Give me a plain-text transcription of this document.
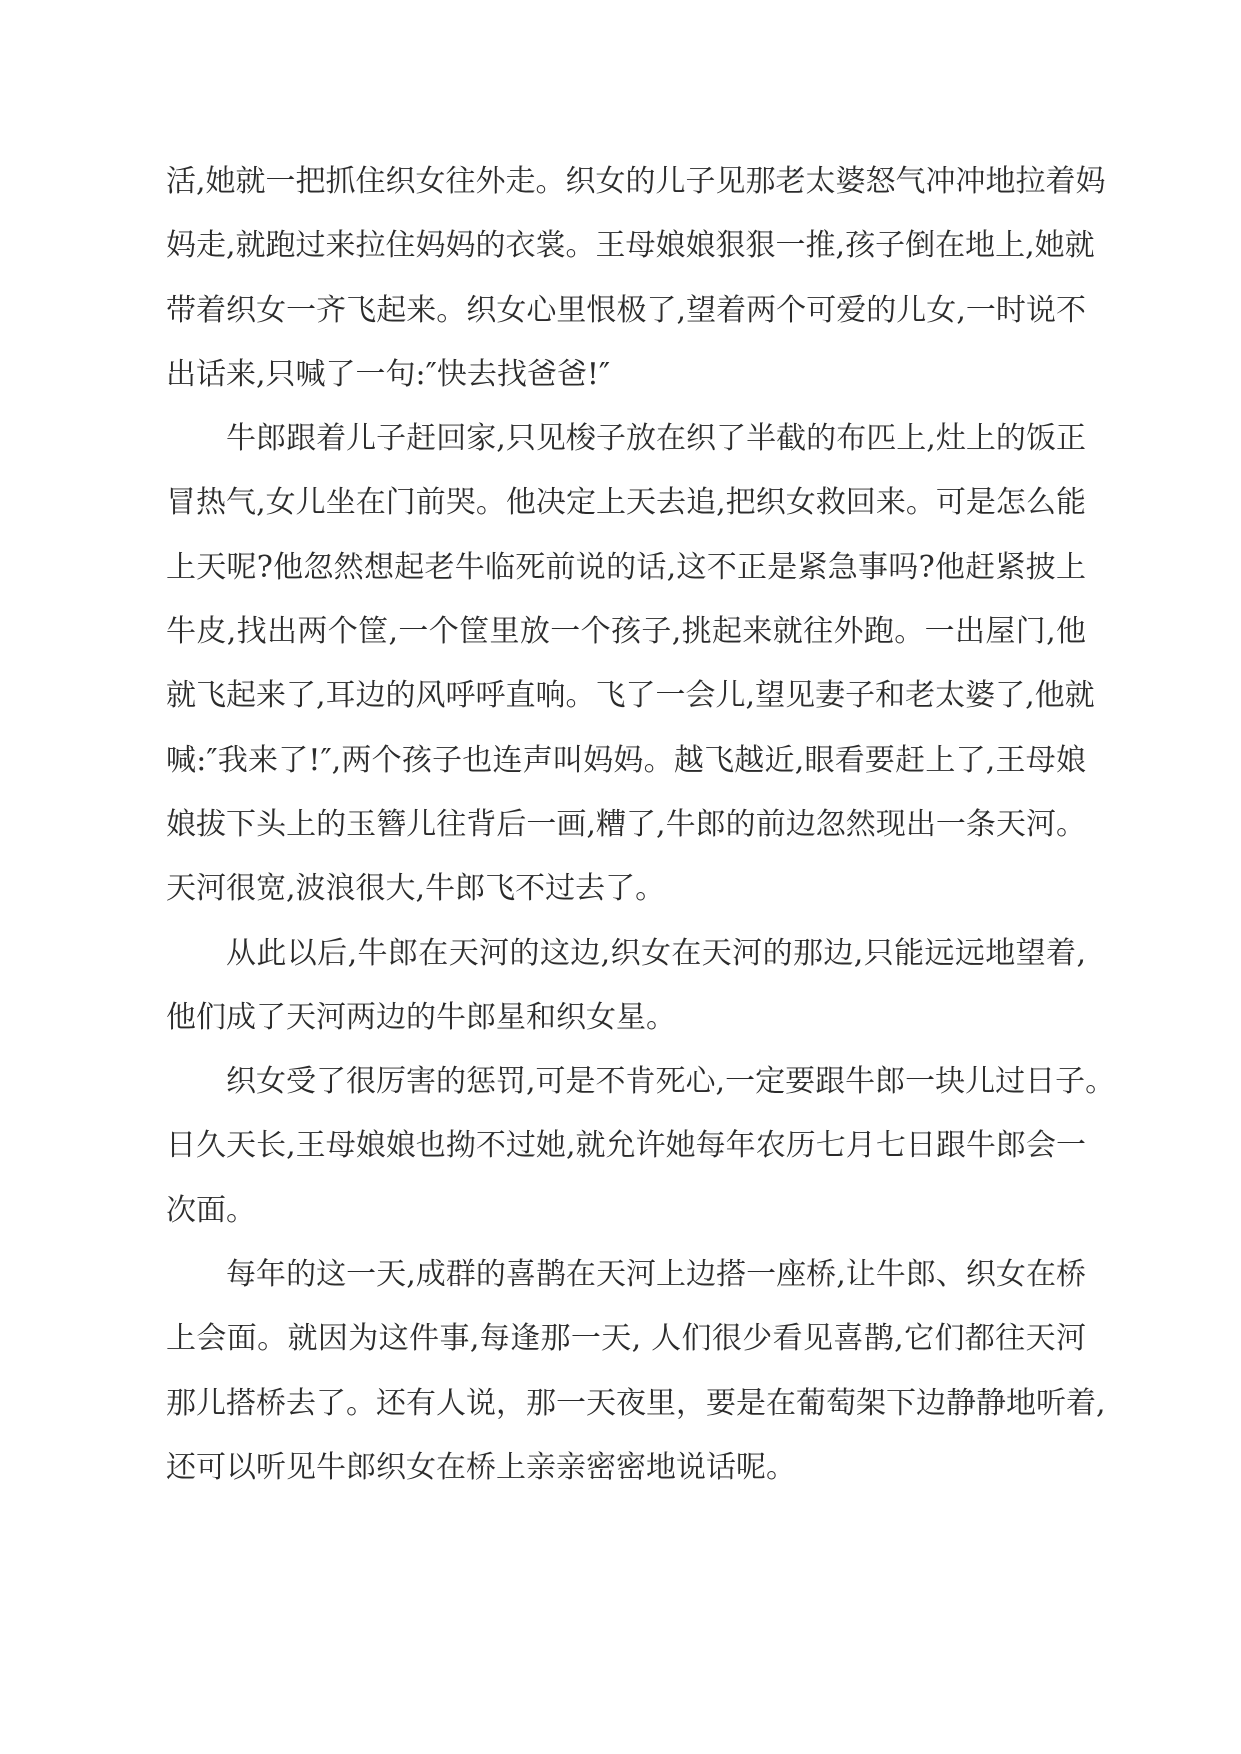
活,她就一把抓住织女往外走。织女的儿子见那老太婆怒气冲冲地拉着妈
妈走,就跑过来拉住妈妈的衣裳。王母娘娘狠狠一推,孩子倒在地上,她就
带着织女一齐飞起来。织女心里恨极了,望着两个可爱的儿女,一时说不
出话来,只喊了一句:″快去找爸爸!″
牛郎跟着儿子赶回家,只见梭子放在织了半截的布匹上,灶上的饭正
冒热气,女儿坐在门前哭。他决定上天去追,把织女救回来。可是怎么能
上天呢?他忽然想起老牛临死前说的话,这不正是紧急事吗?他赶紧披上
牛皮,找出两个筐,一个筐里放一个孩子,挑起来就往外跑。一出屋门,他
就飞起来了,耳边的风呼呼直响。飞了一会儿,望见妻子和老太婆了,他就
喊:″我来了!″,两个孩子也连声叫妈妈。越飞越近,眼看要赶上了,王母娘
娘拔下头上的玉簪儿往背后一画,糟了,牛郎的前边忽然现出一条天河。
天河很宽,波浪很大,牛郎飞不过去了。
从此以后,牛郎在天河的这边,织女在天河的那边,只能远远地望着,
他们成了天河两边的牛郎星和织女星。
织女受了很厉害的惩罚,可是不肯死心,一定要跟牛郎一块儿过日子。
日久天长,王母娘娘也拗不过她,就允许她每年农历七月七日跟牛郎会一
次面。
每年的这一天,成群的喜鹊在天河上边搭一座桥,让牛郎、织女在桥
上会面。就因为这件事,每逢那一天, 人们很少看见喜鹊,它们都往天河
那儿搭桥去了。还有人说，那一天夜里，要是在葡萄架下边静静地听着,
还可以听见牛郎织女在桥上亲亲密密地说话呢。
